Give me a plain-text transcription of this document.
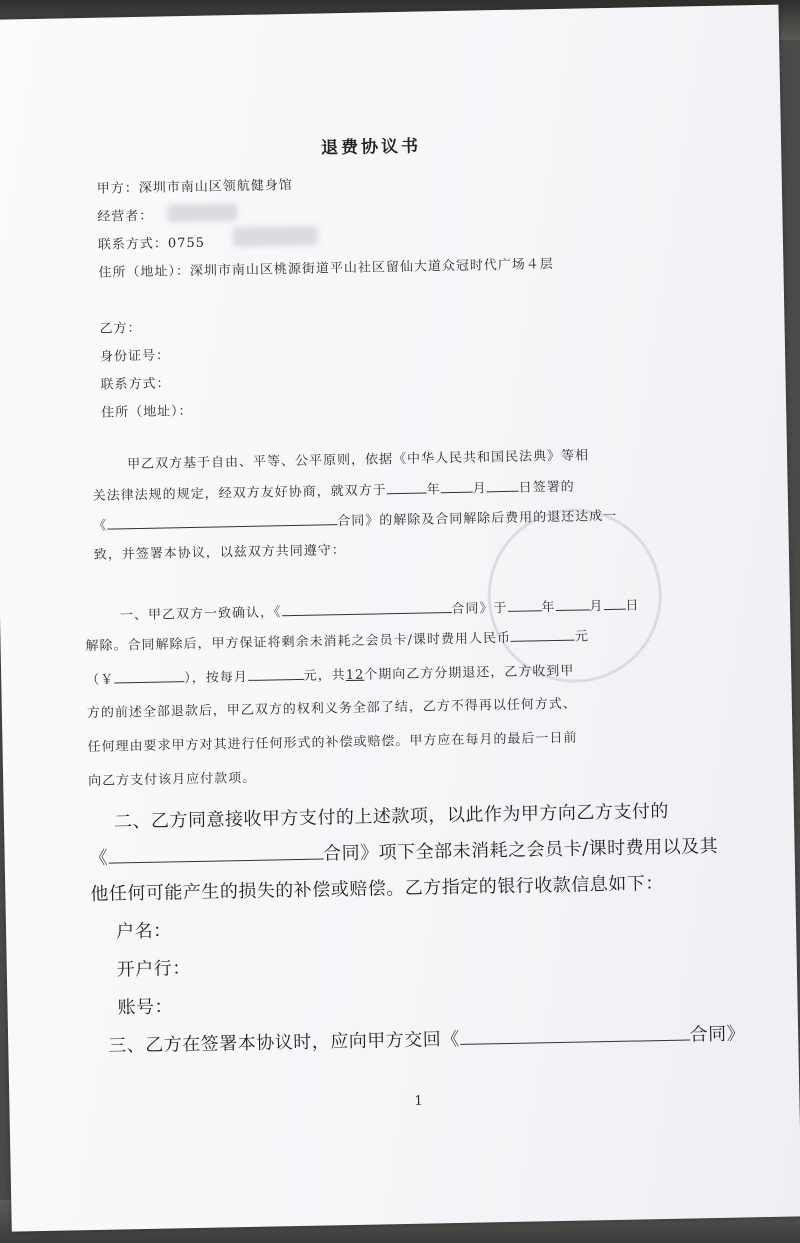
退费协议书
甲方：深圳市南山区领航健身馆
经营者：
联系方式：0755
住所（地址）：深圳市南山区桃源街道平山社区留仙大道众冠时代广场４层
乙方：
身份证号：
联系方式：
住所（地址）：
甲乙双方基于自由、平等、公平原则，依据《中华人民共和国民法典》等相
关法律法规的规定，经双方友好协商，就双方于	年 月 日签署的
《	合同》的解除及合同解除后费用的退还达成一
致，并签署本协议，以兹双方共同遵守：
一、甲乙双方一致确认，《	合同》于	年	月 日
解除。合同解除后，甲方保证将剩余未消耗之会员卡/课时费用人民币	元
（￥	），按每月	元，共12个期向乙方分期退还，乙方收到甲
方的前述全部退款后，甲乙双方的权利义务全部了结，乙方不得再以任何方式、
任何理由要求甲方对其进行任何形式的补偿或赔偿。甲方应在每月的最后一日前
向乙方支付该月应付款项。
二、乙方同意接收甲方支付的上述款项，以此作为甲方向乙方支付的
《	合同》项下全部未消耗之会员卡/课时费用以及其
他任何可能产生的损失的补偿或赔偿。乙方指定的银行收款信息如下：
户名：
开户行：
账号：
三、乙方在签署本协议时，应向甲方交回《	合同》
1
